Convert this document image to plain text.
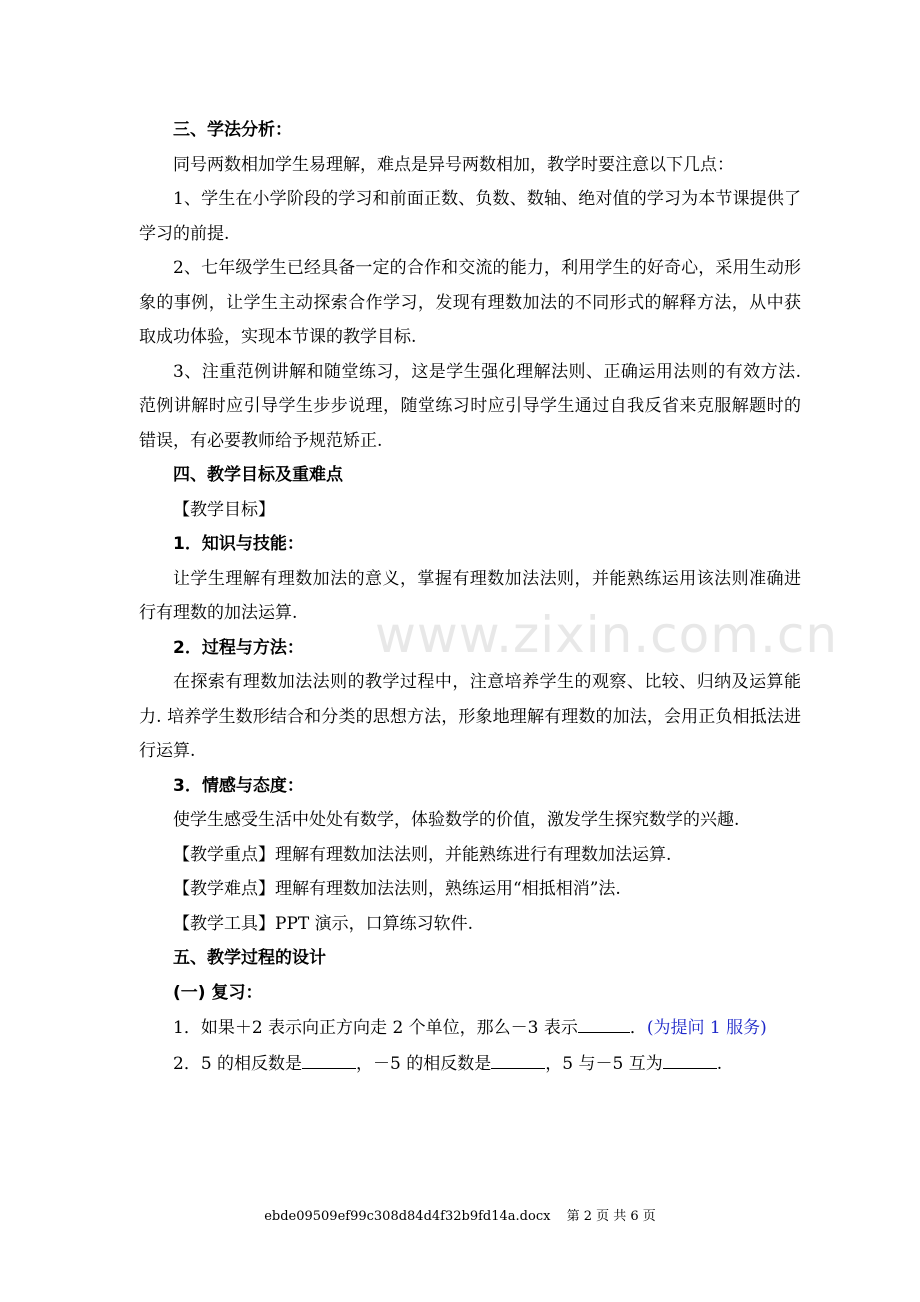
www.zixin.com.cn

三、学法分析：

同号两数相加学生易理解，难点是异号两数相加，教学时要注意以下几点：

1、学生在小学阶段的学习和前面正数、负数、数轴、绝对值的学习为本节课提供了学习的前提.

2、七年级学生已经具备一定的合作和交流的能力，利用学生的好奇心，采用生动形象的事例，让学生主动探索合作学习，发现有理数加法的不同形式的解释方法，从中获取成功体验，实现本节课的教学目标.

3、注重范例讲解和随堂练习，这是学生强化理解法则、正确运用法则的有效方法. 范例讲解时应引导学生步步说理，随堂练习时应引导学生通过自我反省来克服解题时的错误，有必要教师给予规范矫正.

四、教学目标及重难点

【教学目标】

1．知识与技能：

让学生理解有理数加法的意义，掌握有理数加法法则，并能熟练运用该法则准确进行有理数的加法运算.

2．过程与方法：

在探索有理数加法法则的教学过程中，注意培养学生的观察、比较、归纳及运算能力. 培养学生数形结合和分类的思想方法，形象地理解有理数的加法，会用正负相抵法进行运算.

3．情感与态度：

使学生感受生活中处处有数学，体验数学的价值，激发学生探究数学的兴趣.

【教学重点】理解有理数加法法则，并能熟练进行有理数加法运算.

【教学难点】理解有理数加法法则，熟练运用“相抵相消”法.

【教学工具】PPT 演示，口算练习软件.

五、教学过程的设计

(一) 复习：

1．如果＋2 表示向正方向走 2 个单位，那么－3 表示	．(为提问 1 服务)

2．5 的相反数是	，－5 的相反数是	，5 与－5 互为	.

ebde09509ef99c308d84d4f32b9fd14a.docx 第 2 页 共 6 页
